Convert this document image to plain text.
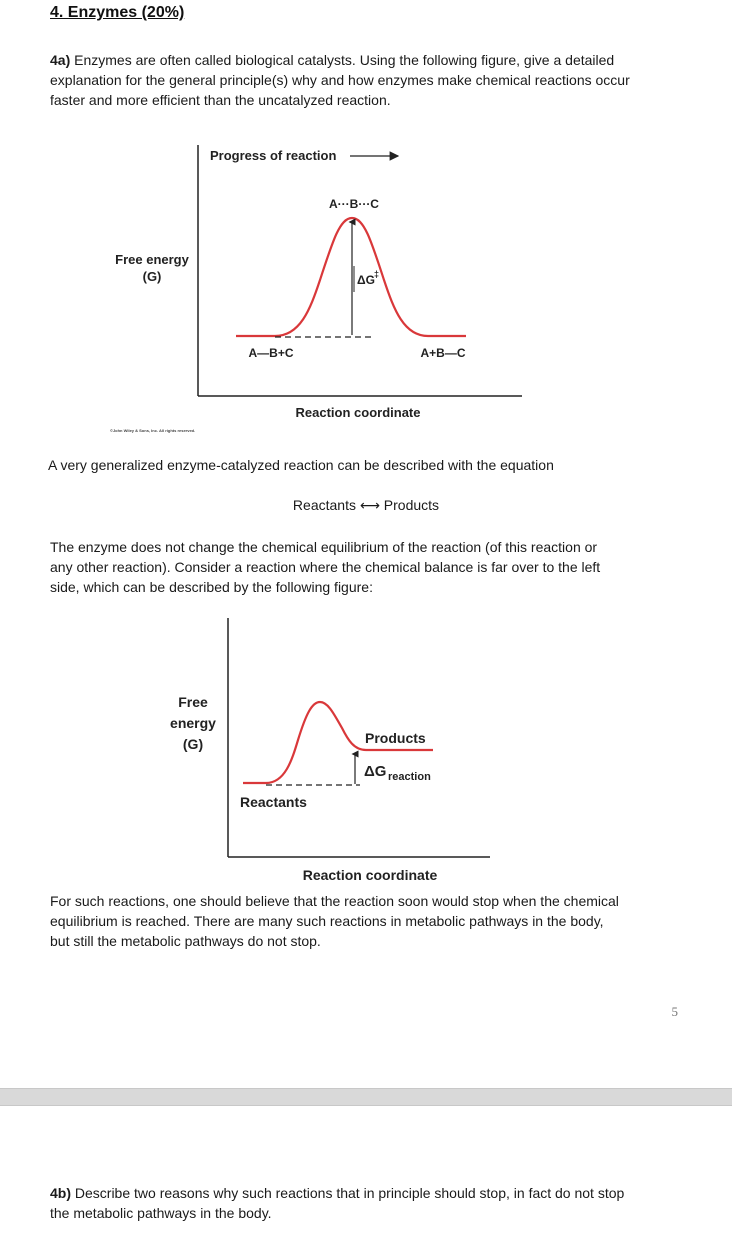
4. Enzymes (20%)
4a) Enzymes are often called biological catalysts. Using the following figure, give a detailed
explanation for the general principle(s) why and how enzymes make chemical reactions occur
faster and more efficient than the uncatalyzed reaction.
Progress of reaction
Free energy
(G)
A···B···C
ΔG ‡
A—B+C	A+B—C
Reaction coordinate
©John Wiley & Sons, Inc. All rights reserved.
A very generalized enzyme-catalyzed reaction can be described with the equation
Reactants ⟷ Products
The enzyme does not change the chemical equilibrium of the reaction (of this reaction or
any other reaction). Consider a reaction where the chemical balance is far over to the left
side, which can be described by the following figure:
Free
energy
(G)	Products
ΔG reaction
Reactants
Reaction coordinate
For such reactions, one should believe that the reaction soon would stop when the chemical
equilibrium is reached. There are many such reactions in metabolic pathways in the body,
but still the metabolic pathways do not stop.
5
4b) Describe two reasons why such reactions that in principle should stop, in fact do not stop
the metabolic pathways in the body.
